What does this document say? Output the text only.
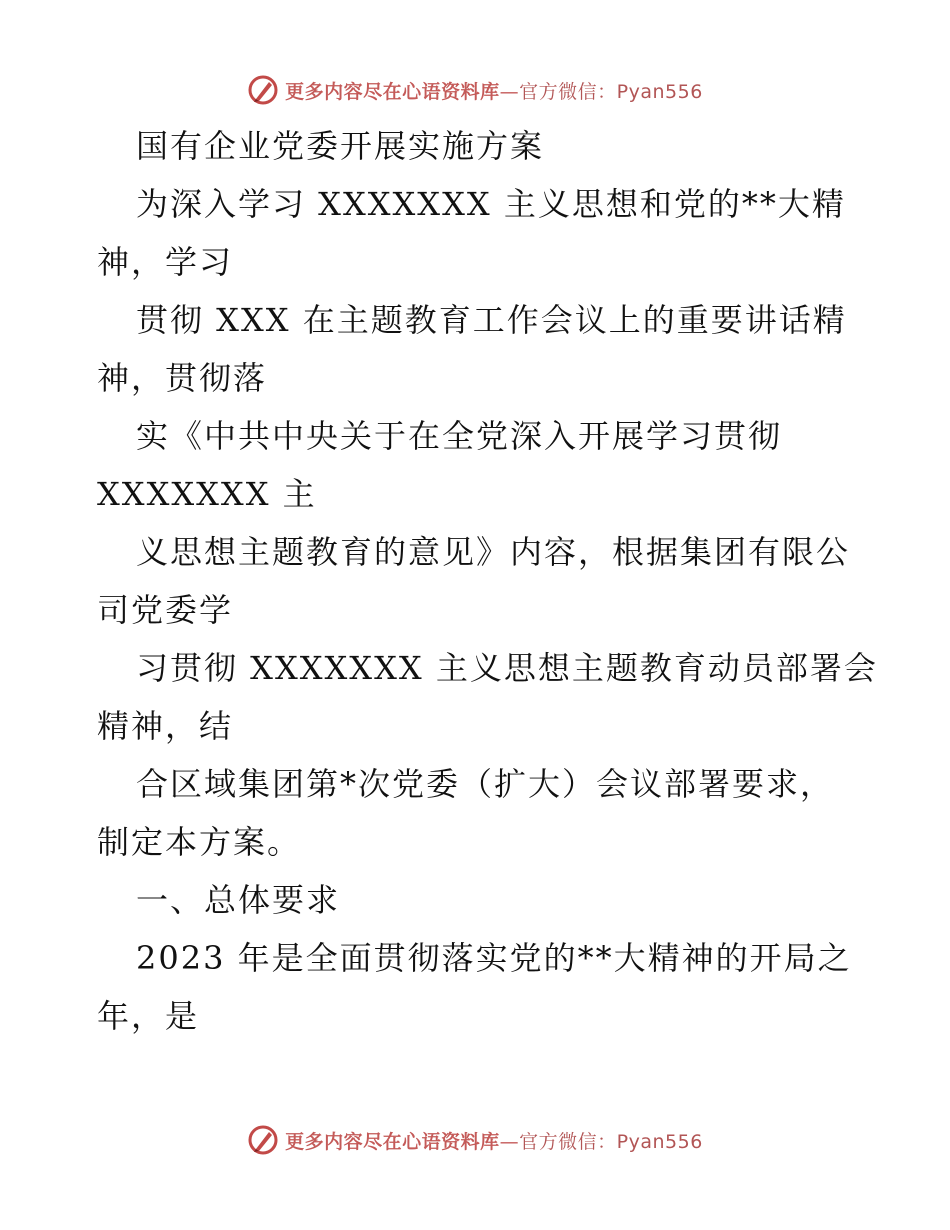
更多内容尽在心语资料库—官方微信：Pyan556
国有企业党委开展实施方案
为深入学习 XXXXXXX 主义思想和党的**大精
神，学习
贯彻 XXX 在主题教育工作会议上的重要讲话精
神，贯彻落
实《中共中央关于在全党深入开展学习贯彻
XXXXXXX 主
义思想主题教育的意见》内容，根据集团有限公
司党委学
习贯彻 XXXXXXX 主义思想主题教育动员部署会
精神，结
合区域集团第*次党委（扩大）会议部署要求，
制定本方案。
一、总体要求
2023 年是全面贯彻落实党的**大精神的开局之
年，是
更多内容尽在心语资料库—官方微信：Pyan556
